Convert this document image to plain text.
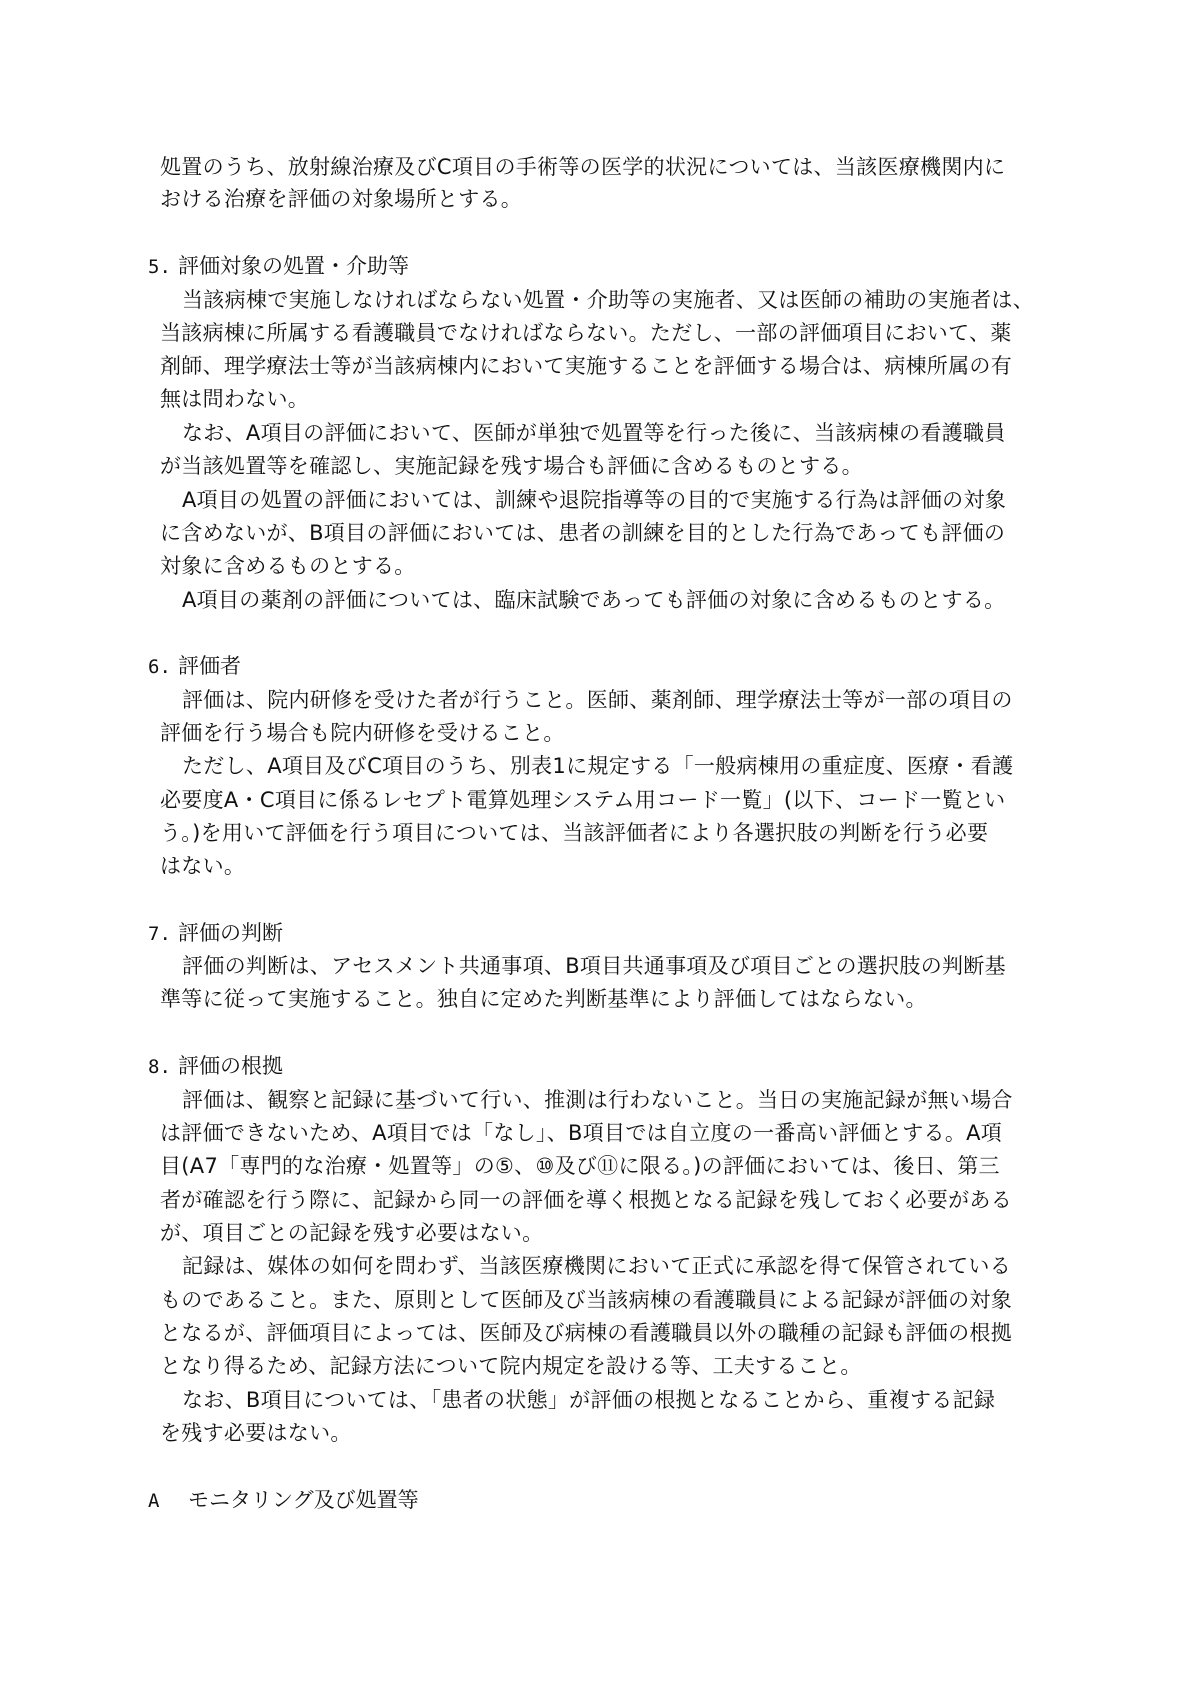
処置のうち、放射線治療及びC項目の手術等の医学的状況については、当該医療機関内に
おける治療を評価の対象場所とする。
5. 評価対象の処置・介助等
当該病棟で実施しなければならない処置・介助等の実施者、又は医師の補助の実施者は、
当該病棟に所属する看護職員でなければならない。ただし、一部の評価項目において、薬
剤師、理学療法士等が当該病棟内において実施することを評価する場合は、病棟所属の有
無は問わない。
なお、A項目の評価において、医師が単独で処置等を行った後に、当該病棟の看護職員
が当該処置等を確認し、実施記録を残す場合も評価に含めるものとする。
A項目の処置の評価においては、訓練や退院指導等の目的で実施する行為は評価の対象
に含めないが、B項目の評価においては、患者の訓練を目的とした行為であっても評価の
対象に含めるものとする。
A項目の薬剤の評価については、臨床試験であっても評価の対象に含めるものとする。
6. 評価者
評価は、院内研修を受けた者が行うこと。医師、薬剤師、理学療法士等が一部の項目の
評価を行う場合も院内研修を受けること。
ただし、A項目及びC項目のうち、別表1に規定する「一般病棟用の重症度、医療・看護
必要度A・C項目に係るレセプト電算処理システム用コード一覧」(以下、コード一覧とい
う。)を用いて評価を行う項目については、当該評価者により各選択肢の判断を行う必要
はない。
7. 評価の判断
評価の判断は、アセスメント共通事項、B項目共通事項及び項目ごとの選択肢の判断基
準等に従って実施すること。独自に定めた判断基準により評価してはならない。
8. 評価の根拠
評価は、観察と記録に基づいて行い、推測は行わないこと。当日の実施記録が無い場合
は評価できないため、A項目では「なし」、B項目では自立度の一番高い評価とする。A項
目(A7「専門的な治療・処置等」の⑤、⑩及び⑪に限る。)の評価においては、後日、第三
者が確認を行う際に、記録から同一の評価を導く根拠となる記録を残しておく必要がある
が、項目ごとの記録を残す必要はない。
記録は、媒体の如何を問わず、当該医療機関において正式に承認を得て保管されている
ものであること。また、原則として医師及び当該病棟の看護職員による記録が評価の対象
となるが、評価項目によっては、医師及び病棟の看護職員以外の職種の記録も評価の根拠
となり得るため、記録方法について院内規定を設ける等、工夫すること。
なお、B項目については、「患者の状態」が評価の根拠となることから、重複する記録
を残す必要はない。
A モニタリング及び処置等
